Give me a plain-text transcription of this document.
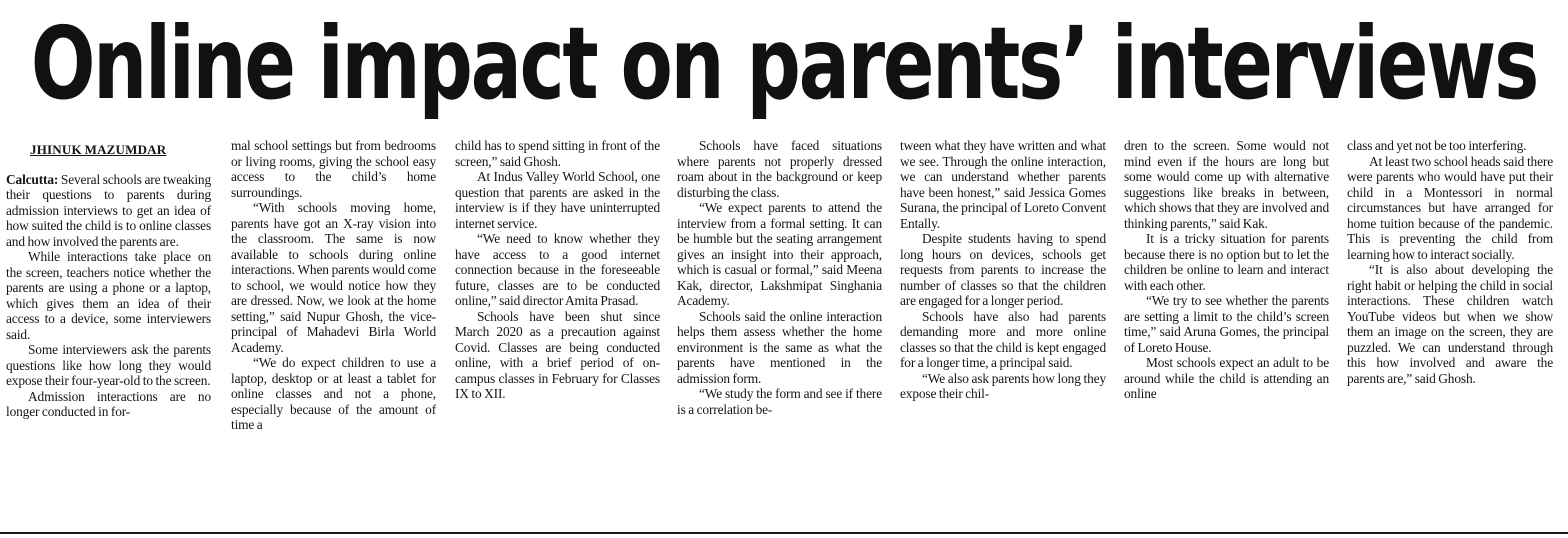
Online impact on parents’ interviews
JHINUK MAZUMDAR

Calcutta: Several schools are tweaking their questions to parents during admission interviews to get an idea of how suited the child is to online classes and how involved the parents are.

While interactions take place on the screen, teachers notice whether the parents are using a phone or a laptop, which gives them an idea of their access to a device, some interviewers said.

Some interviewers ask the parents questions like how long they would expose their four-year-old to the screen.

Admission interactions are no longer conducted in for-

mal school settings but from bedrooms or living rooms, giving the school easy access to the child’s home surroundings.

“With schools moving home, parents have got an X-ray vision into the classroom. The same is now available to schools during online interactions. When parents would come to school, we would notice how they are dressed. Now, we look at the home setting,” said Nupur Ghosh, the vice-principal of Mahadevi Birla World Academy.

“We do expect children to use a laptop, desktop or at least a tablet for online classes and not a phone, especially because of the amount of time a

child has to spend sitting in front of the screen,” said Ghosh.

At Indus Valley World School, one question that parents are asked in the interview is if they have uninterrupted internet service.

“We need to know whether they have access to a good internet connection because in the foreseeable future, classes are to be conducted online,” said director Amita Prasad.

Schools have been shut since March 2020 as a precaution against Covid. Classes are being conducted online, with a brief period of on-campus classes in February for Classes IX to XII.

Schools have faced situations where parents not properly dressed roam about in the background or keep disturbing the class.

“We expect parents to attend the interview from a formal setting. It can be humble but the seating arrangement gives an insight into their approach, which is casual or formal,” said Meena Kak, director, Lakshmipat Singhania Academy.

Schools said the online interaction helps them assess whether the home environment is the same as what the parents have mentioned in the admission form.

“We study the form and see if there is a correlation be-

tween what they have written and what we see. Through the online interaction, we can understand whether parents have been honest,” said Jessica Gomes Surana, the principal of Loreto Convent Entally.

Despite students having to spend long hours on devices, schools get requests from parents to increase the number of classes so that the children are engaged for a longer period.

Schools have also had parents demanding more and more online classes so that the child is kept engaged for a longer time, a principal said.

“We also ask parents how long they expose their chil-

dren to the screen. Some would not mind even if the hours are long but some would come up with alternative suggestions like breaks in between, which shows that they are involved and thinking parents,” said Kak.

It is a tricky situation for parents because there is no option but to let the children be online to learn and interact with each other.

“We try to see whether the parents are setting a limit to the child’s screen time,” said Aruna Gomes, the principal of Loreto House.

Most schools expect an adult to be around while the child is attending an online

class and yet not be too interfering.

At least two school heads said there were parents who would have put their child in a Montessori in normal circumstances but have arranged for home tuition because of the pandemic. This is preventing the child from learning how to interact socially.

“It is also about developing the right habit or helping the child in social interactions. These children watch YouTube videos but when we show them an image on the screen, they are puzzled. We can understand through this how involved and aware the parents are,” said Ghosh.
